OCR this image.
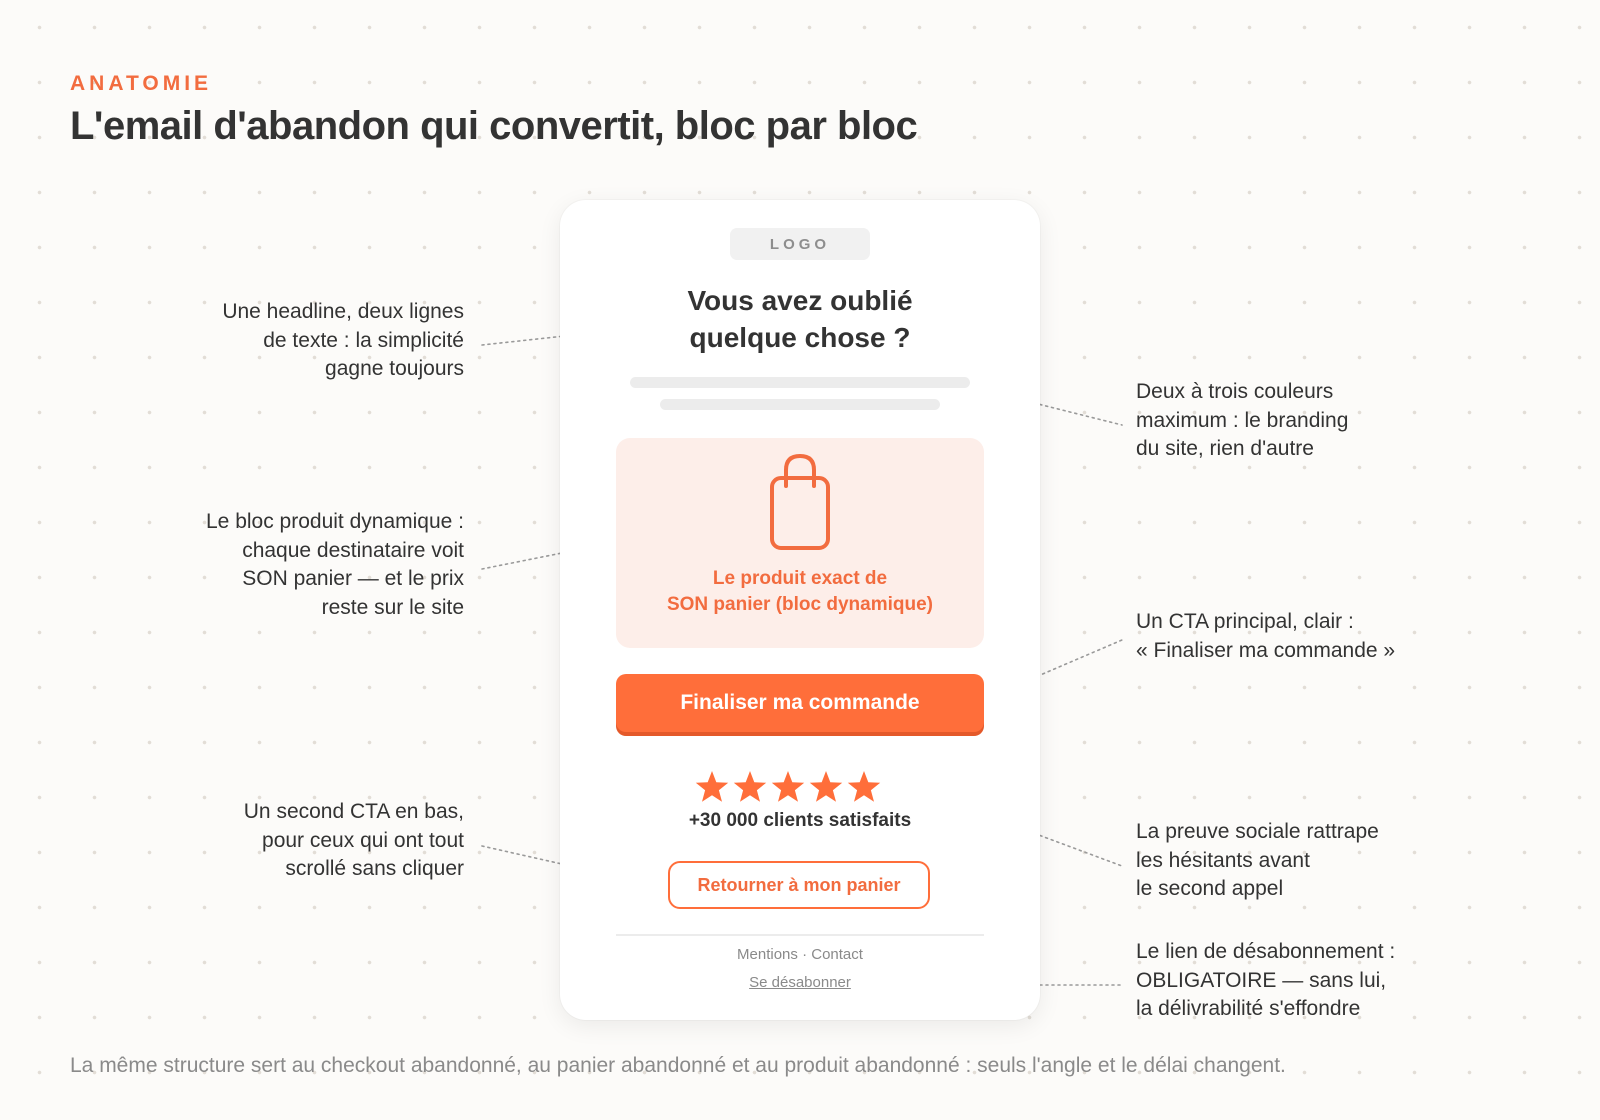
ANATOMIE
L'email d'abandon qui convertit, bloc par bloc
LOGO
Vous avez oublié
quelque chose ?
Le produit exact de
SON panier (bloc dynamique)
Finaliser ma commande
+30 000 clients satisfaits
Retourner à mon panier
Mentions · Contact
Se désabonner
Une headline, deux lignes
de texte : la simplicité
gagne toujours
Le bloc produit dynamique :
chaque destinataire voit
SON panier — et le prix
reste sur le site
Un second CTA en bas,
pour ceux qui ont tout
scrollé sans cliquer
Deux à trois couleurs
maximum : le branding
du site, rien d'autre
Un CTA principal, clair :
« Finaliser ma commande »
La preuve sociale rattrape
les hésitants avant
le second appel
Le lien de désabonnement :
OBLIGATOIRE — sans lui,
la délivrabilité s'effondre
La même structure sert au checkout abandonné, au panier abandonné et au produit abandonné : seuls l'angle et le délai changent.
